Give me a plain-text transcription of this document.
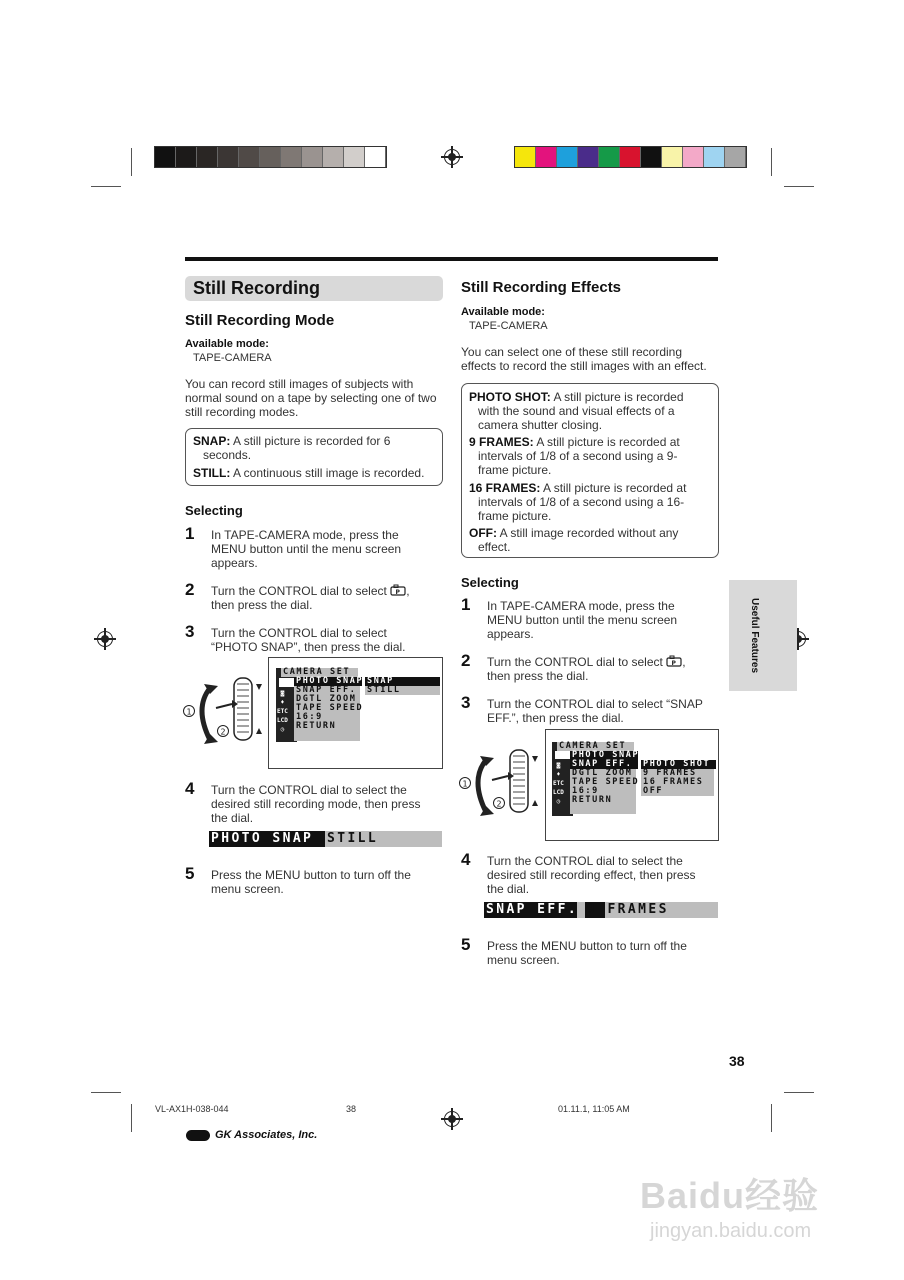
Still Recording
Still Recording Mode
Available mode:
TAPE-CAMERA
You can record still images of subjects with
normal sound on a tape by selecting one of two
still recording modes.
SNAP: A still picture is recorded for 6
seconds.
STILL: A continuous still image is recorded.
Selecting
1 In TAPE-CAMERA mode, press the
MENU button until the menu screen
appears.
2 Turn the CONTROL dial to select P ,
then press the dial.
3 Turn the CONTROL dial to select
“PHOTO SNAP”, then press the dial.
1
2
◙
♦
ETC
LCD
◷
CAMERA SET
PHOTO SNAP
SNAP EFF.
DGTL ZOOM
TAPE SPEED
16:9
RETURN
SNAP
STILL
4 Turn the CONTROL dial to select the
desired still recording mode, then press
the dial.
PHOTO SNAP	STILL
5 Press the MENU button to turn off the
menu screen.
Still Recording Effects
Available mode:
TAPE-CAMERA
You can select one of these still recording
effects to record the still images with an effect.
PHOTO SHOT: A still picture is recorded
with the sound and visual effects of a
camera shutter closing.
9 FRAMES: A still picture is recorded at
intervals of 1/8 of a second using a 9-
frame picture.
16 FRAMES: A still picture is recorded at
intervals of 1/8 of a second using a 16-
frame picture.
OFF: A still image recorded without any
effect.
Selecting
1 In TAPE-CAMERA mode, press the
MENU button until the menu screen
appears.
2 Turn the CONTROL dial to select P ,
then press the dial.
3 Turn the CONTROL dial to select “SNAP
EFF.”, then press the dial.
1
2
◙
♦
ETC
LCD
◷
CAMERA SET
PHOTO SNAP
SNAP EFF.
DGTL ZOOM
TAPE SPEED
16:9
RETURN
PHOTO SHOT
9 FRAMES
16 FRAMES
OFF
4 Turn the CONTROL dial to select the
desired still recording effect, then press
the dial.
SNAP EFF. 9 FRAMES
5 Press the MENU button to turn off the
menu screen.
Useful Features
38
VL-AX1H-038-044	38	01.11.1, 11:05 AM
GK Associates, Inc.
Baidu经验
jingyan.baidu.com
